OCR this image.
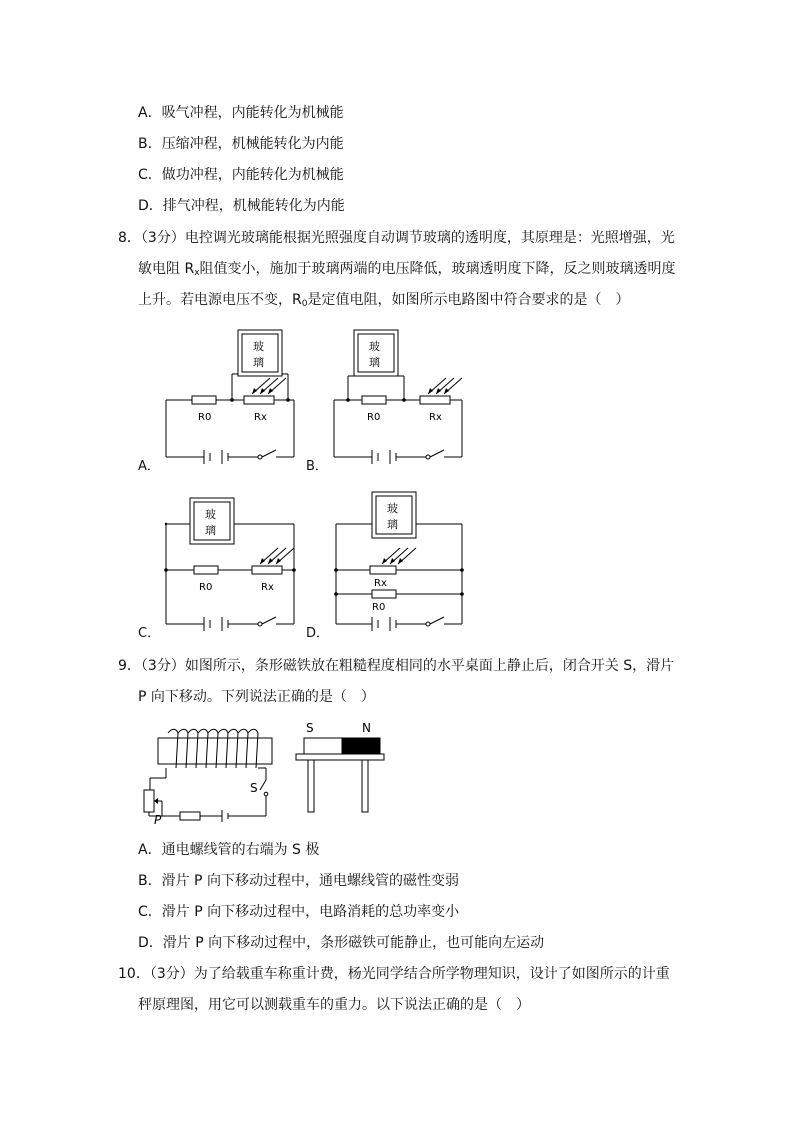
A．吸气冲程，内能转化为机械能
B．压缩冲程，机械能转化为内能
C．做功冲程，内能转化为机械能
D．排气冲程，机械能转化为内能
8．（3分）电控调光玻璃能根据光照强度自动调节玻璃的透明度，其原理是：光照增强，光
敏电阻 $R_x$阻值变小，施加于玻璃两端的电压降低，玻璃透明度下降，反之则玻璃透明度
上升。若电源电压不变，$R_0$是定值电阻，如图所示电路图中符合要求的是（　）
玻
璃
R0	Rx
A．
玻
璃
R0	Rx
B．
玻
璃
R0	Rx
C．
玻
璃
Rx
R0
D．
9．（3分）如图所示，条形磁铁放在粗糙程度相同的水平桌面上静止后，闭合开关 S，滑片
P 向下移动。下列说法正确的是（　）
S
P
S	N
A．通电螺线管的右端为 S 极
B．滑片 P 向下移动过程中，通电螺线管的磁性变弱
C．滑片 P 向下移动过程中，电路消耗的总功率变小
D．滑片 P 向下移动过程中，条形磁铁可能静止，也可能向左运动
10．（3分）为了给载重车称重计费，杨光同学结合所学物理知识，设计了如图所示的计重
秤原理图，用它可以测载重车的重力。以下说法正确的是（　）
